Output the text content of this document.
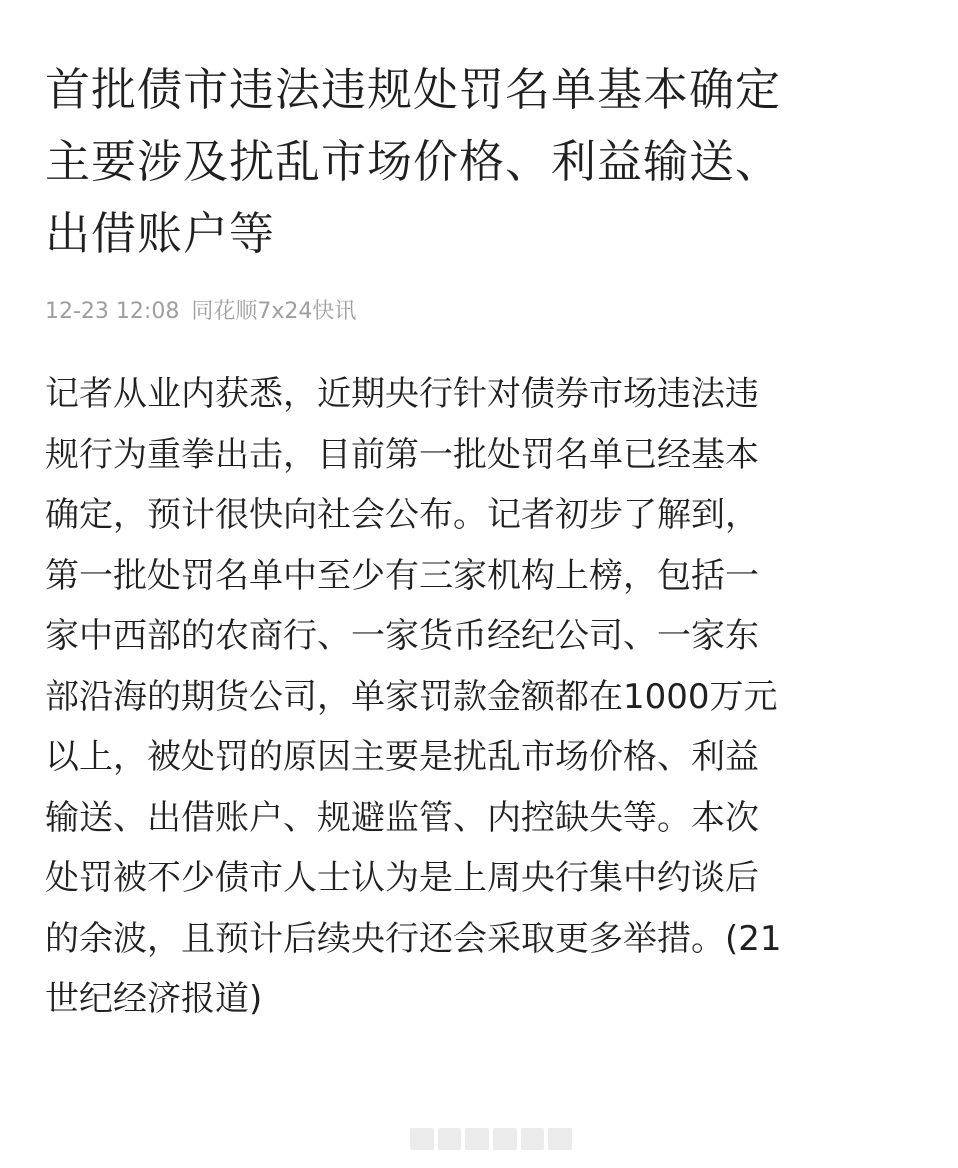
首批债市违法违规处罚名单基本确定
主要涉及扰乱市场价格、利益输送、
出借账户等
12-23 12:08 同花顺7x24快讯
记者从业内获悉，近期央行针对债券市场违法违
规行为重拳出击，目前第一批处罚名单已经基本
确定，预计很快向社会公布。记者初步了解到，
第一批处罚名单中至少有三家机构上榜，包括一
家中西部的农商行、一家货币经纪公司、一家东
部沿海的期货公司，单家罚款金额都在1000万元
以上，被处罚的原因主要是扰乱市场价格、利益
输送、出借账户、规避监管、内控缺失等。本次
处罚被不少债市人士认为是上周央行集中约谈后
的余波，且预计后续央行还会采取更多举措。(21
世纪经济报道)
